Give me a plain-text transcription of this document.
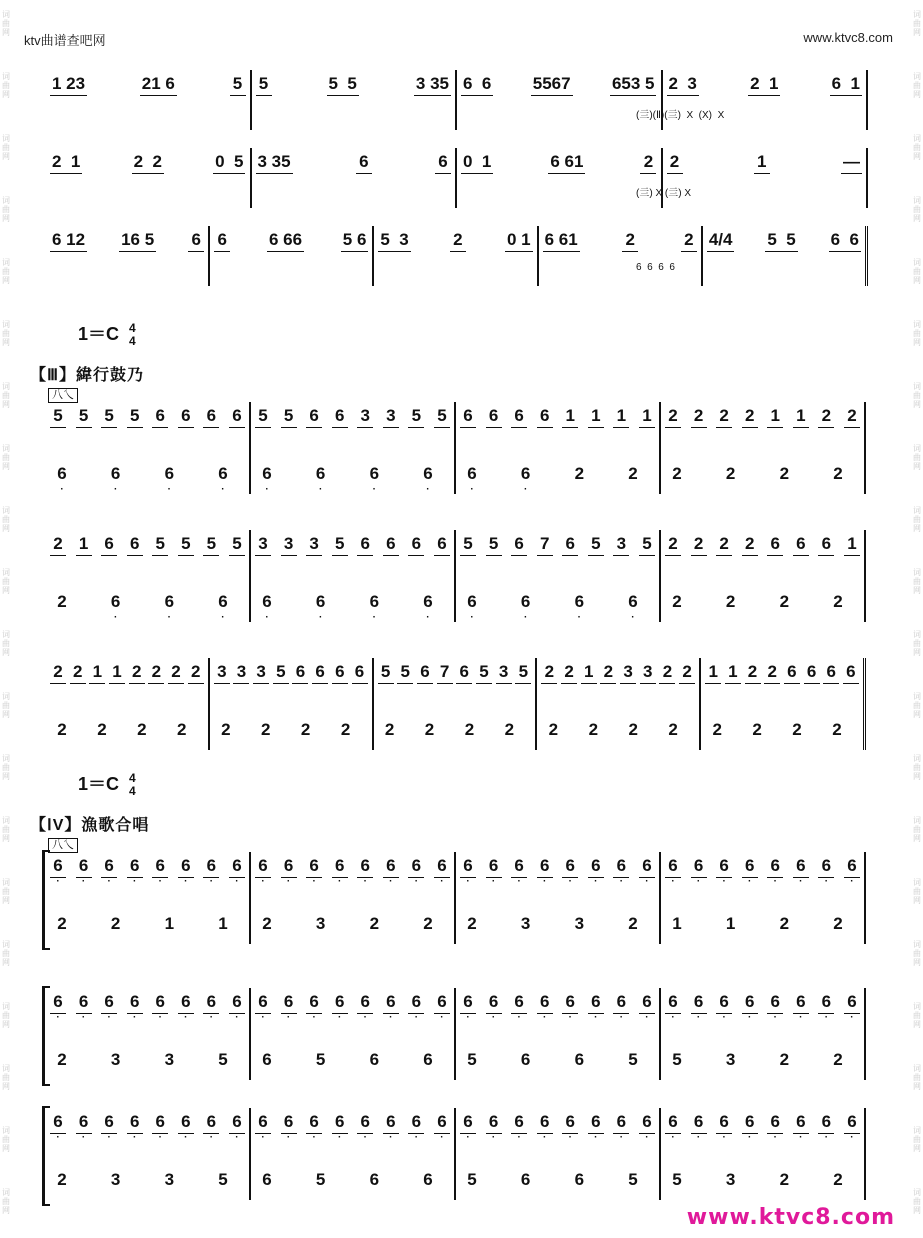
词
曲
网
词
曲
网
词
曲
网
词
曲
网
词
曲
网
词
曲
网
词
曲
网
词
曲
网
词
曲
网
词
曲
网
词
曲
网
词
曲
网
词
曲
网
词
曲
网
词
曲
网
词
曲
网
词
曲
网
词
曲
网
词
曲
网
词
曲
网
词
曲
网
词
曲
网
词
曲
网
词
曲
网
词
曲
网
词
曲
网
词
曲
网
词
曲
网
词
曲
网
词
曲
网
词
曲
网
词
曲
网
词
曲
网
词
曲
网
词
曲
网
词
曲
网
词
曲
网
词
曲
网
词
曲
网
词
曲
网
ktv曲谱查吧网	www.ktvc8.com
1 23	21 6	5 5	5  5	3 35 6  6 5567 653 5 2  3	2  1	6  1
(亖)(Ⅱ)(亖)  X  (X)  X
2  1	2  2	0  5 3 35	6	6 0  1	6 61	2 2	1	—
(亖) X (亖) X
6 12 16 5 6 6 6 66 5 6 5  3	2	0 1 6 61	2	2 4/4 5  5 6  6
6  6  6  6
1＝C 4
4
1＝C 4
4
【Ⅲ】緯行鼓乃
八乀
【ⅠV】漁歌合唱
八乀
5 5 5 5 6 6 6 6
6
·
6
·
6
·
6
·
5 5 6 6 3 3 5 5
6
·
6
·
6
·
6
·
6 6 6 6 1 1 1 1
6
·
6
·
2	2
2 2 2 2 1 1 2 2
2	2	2	2
2 1 6 6 5 5 5 5
2	6
·
6
·
6
·
3 3 3 5 6 6 6 6
6
·
6
·
6
·
6
·
5 5 6 7 6 5 3 5
6
·
6
·
6
·
6
·
2 2 2 2 6 6 6 1
2	2	2	2
2 2 1 1 2 2 2 2
2 2 2 2
3 3 3 5 6 6 6 6
2 2 2 2
5 5 6 7 6 5 3 5
2 2 2 2
2 2 1 2 3 3 2 2
2 2 2 2
1 1 2 2 6 6 6 6
2 2 2 2
6
·
6
·
6
·
6
·
6
·
6
·
6
·
6
·
2	2	1	1
6
·
6
·
6
·
6
·
6
·
6
·
6
·
6
·
2	3	2	2
6
·
6
·
6
·
6
·
6
·
6
·
6
·
6
·
2	3	3	2
6
·
6
·
6
·
6
·
6
·
6
·
6
·
6
·
1	1	2	2
6
·
6
·
6
·
6
·
6
·
6
·
6
·
6
·
2	3	3	5
6
·
6
·
6
·
6
·
6
·
6
·
6
·
6
·
6	5	6	6
6
·
6
·
6
·
6
·
6
·
6
·
6
·
6
·
5	6	6	5
6
·
6
·
6
·
6
·
6
·
6
·
6
·
6
·
5	3	2	2
6
·
6
·
6
·
6
·
6
·
6
·
6
·
6
·
2	3	3	5
6
·
6
·
6
·
6
·
6
·
6
·
6
·
6
·
6	5	6	6
6
·
6
·
6
·
6
·
6
·
6
·
6
·
6
·
5	6	6	5
6
·
6
·
6
·
6
·
6
·
6
·
6
·
6
·
5	3	2	2
www.ktvc8.com
